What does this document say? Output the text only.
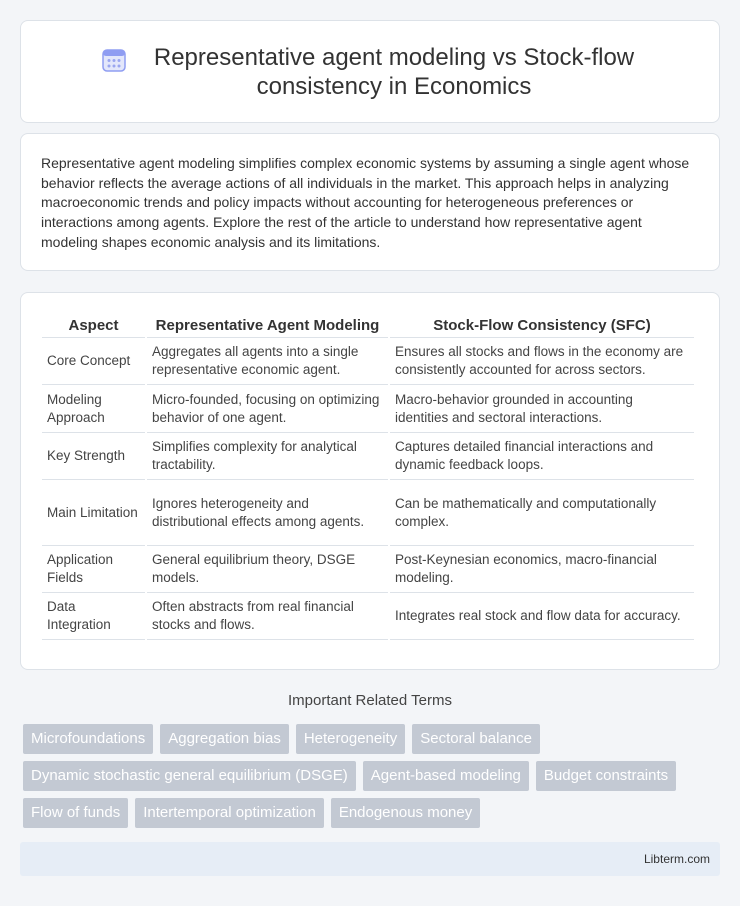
Representative agent modeling vs Stock-flow consistency in Economics

Representative agent modeling simplifies complex economic systems by assuming a single agent whose behavior reflects the average actions of all individuals in the market. This approach helps in analyzing macroeconomic trends and policy impacts without accounting for heterogeneous preferences or interactions among agents. Explore the rest of the article to understand how representative agent modeling shapes economic analysis and its limitations.

Aspect	Representative Agent Modeling	Stock-Flow Consistency (SFC)
Core Concept	Aggregates all agents into a single representative economic agent.	Ensures all stocks and flows in the economy are consistently accounted for across sectors.
Modeling Approach	Micro-founded, focusing on optimizing behavior of one agent.	Macro-behavior grounded in accounting identities and sectoral interactions.
Key Strength	Simplifies complexity for analytical tractability.	Captures detailed financial interactions and dynamic feedback loops.
Main Limitation	Ignores heterogeneity and distributional effects among agents.	Can be mathematically and computationally complex.
Application Fields	General equilibrium theory, DSGE models.	Post-Keynesian economics, macro-financial modeling.
Data Integration	Often abstracts from real financial stocks and flows.	Integrates real stock and flow data for accuracy.
Important Related Terms
Microfoundations	Aggregation bias	Heterogeneity	Sectoral balance
Dynamic stochastic general equilibrium (DSGE)	Agent-based modeling	Budget constraints
Flow of funds	Intertemporal optimization	Endogenous money
Libterm.com
